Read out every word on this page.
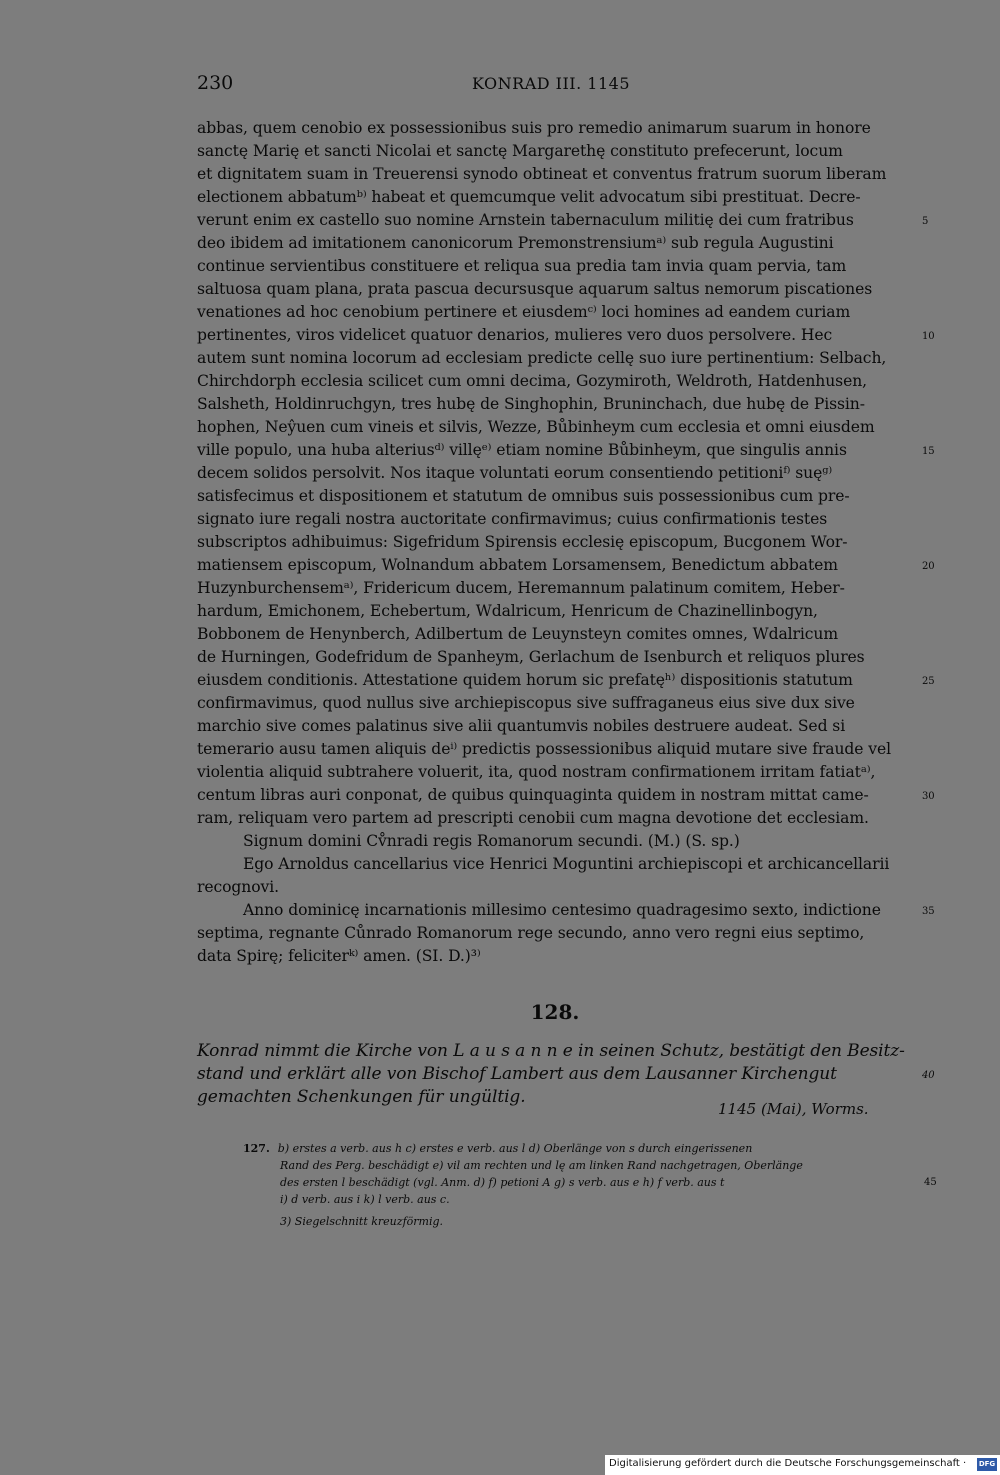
230	KONRAD III. 1145
abbas, quem cenobio ex possessionibus suis pro remedio animarum suarum in honore
sanctę Marię et sancti Nicolai et sanctę Margarethę constituto prefecerunt, locum
et dignitatem suam in Treuerensi synodo obtineat et conventus fratrum suorum liberam
electionem abbatumᵇ⁾ habeat et quemcumque velit advocatum sibi prestituat. Decre-
verunt enim ex castello suo nomine Arnstein tabernaculum militię dei cum fratribus	5
deo ibidem ad imitationem canonicorum Premonstrensiumᵃ⁾ sub regula Augustini
continue servientibus constituere et reliqua sua predia tam invia quam pervia, tam
saltuosa quam plana, prata pascua decursusque aquarum saltus nemorum piscationes
venationes ad hoc cenobium pertinere et eiusdemᶜ⁾ loci homines ad eandem curiam
pertinentes, viros videlicet quatuor denarios, mulieres vero duos persolvere. Hec	10
autem sunt nomina locorum ad ecclesiam predicte cellę suo iure pertinentium: Selbach,
Chirchdorph ecclesia scilicet cum omni decima, Gozymiroth, Weldroth, Hatdenhusen,
Salsheth, Holdinruchgyn, tres hubę de Singhophin, Bruninchach, due hubę de Pissin-
hophen, Neŷuen cum vineis et silvis, Wezze, Bůbinheym cum ecclesia et omni eiusdem
ville populo, una huba alteriusᵈ⁾ villęᵉ⁾ etiam nomine Bůbinheym, que singulis annis	15
decem solidos persolvit. Nos itaque voluntati eorum consentiendo petitioniᶠ⁾ suęᵍ⁾
satisfecimus et dispositionem et statutum de omnibus suis possessionibus cum pre-
signato iure regali nostra auctoritate confirmavimus; cuius confirmationis testes
subscriptos adhibuimus: Sigefridum Spirensis ecclesię episcopum, Bucgonem Wor-
matiensem episcopum, Wolnandum abbatem Lorsamensem, Benedictum abbatem	20
Huzynburchensemᵃ⁾, Fridericum ducem, Heremannum palatinum comitem, Heber-
hardum, Emichonem, Echebertum, Wdalricum, Henricum de Chazinellinbogyn,
Bobbonem de Henynberch, Adilbertum de Leuynsteyn comites omnes, Wdalricum
de Hurningen, Godefridum de Spanheym, Gerlachum de Isenburch et reliquos plures
eiusdem conditionis. Attestatione quidem horum sic prefatęʰ⁾ dispositionis statutum	25
confirmavimus, quod nullus sive archiepiscopus sive suffraganeus eius sive dux sive
marchio sive comes palatinus sive alii quantumvis nobiles destruere audeat. Sed si
temerario ausu tamen aliquis deⁱ⁾ predictis possessionibus aliquid mutare sive fraude vel
violentia aliquid subtrahere voluerit, ita, quod nostram confirmationem irritam fatiatᵃ⁾,
centum libras auri conponat, de quibus quinquaginta quidem in nostram mittat came-	30
ram, reliquam vero partem ad prescripti cenobii cum magna devotione det ecclesiam.
Signum domini Cv̊nradi regis Romanorum secundi. (M.) (S. sp.)
Ego Arnoldus cancellarius vice Henrici Moguntini archiepiscopi et archicancellarii
recognovi.
Anno dominicę incarnationis millesimo centesimo quadragesimo sexto, indictione	35
septima, regnante Cůnrado Romanorum rege secundo, anno vero regni eius septimo,
data Spirę; feliciterᵏ⁾ amen. (SI. D.)³⁾
128.
Konrad nimmt die Kirche von L a u s a n n e in seinen Schutz, bestätigt den Besitz-
stand und erklärt alle von Bischof Lambert aus dem Lausanner Kirchengut	40
gemachten Schenkungen für ungültig.
1145 (Mai), Worms.
127. b) erstes a verb. aus h c) erstes e verb. aus l d) Oberlänge von s durch eingerissenen
Rand des Perg. beschädigt e) vil am rechten und lę am linken Rand nachgetragen, Oberlänge
des ersten l beschädigt (vgl. Anm. d) f) petioni A g) s verb. aus e h) f verb. aus t	45
i) d verb. aus i k) l verb. aus c.
3) Siegelschnitt kreuzförmig.
Digitalisierung gefördert durch die Deutsche Forschungsgemeinschaft · DFG
